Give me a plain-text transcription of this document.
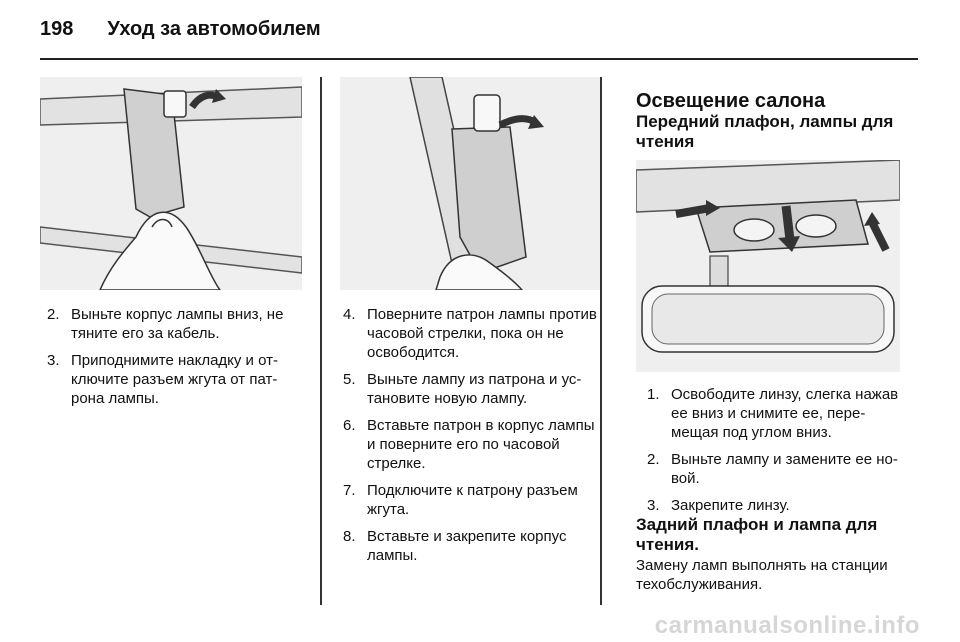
198 Уход за автомобилем
2. Выньте корпус лампы вниз, не тяните его за кабель.
3. Приподнимите накладку и отключите разъем жгута от патрона лампы.
4. Поверните патрон лампы против часовой стрелки, пока он не освободится.
5. Выньте лампу из патрона и установите новую лампу.
6. Вставьте патрон в корпус лампы и поверните его по часовой стрелке.
7. Подключите к патрону разъем жгута.
8. Вставьте и закрепите корпус лампы.
Освещение салона
Передний плафон, лампы для чтения
1. Освободите линзу, слегка нажав ее вниз и снимите ее, перемещая под углом вниз.
2. Выньте лампу и замените ее новой.
3. Закрепите линзу.
Задний плафон и лампа для чтения.
Замену ламп выполнять на станции техобслуживания.
carmanualsonline.info
